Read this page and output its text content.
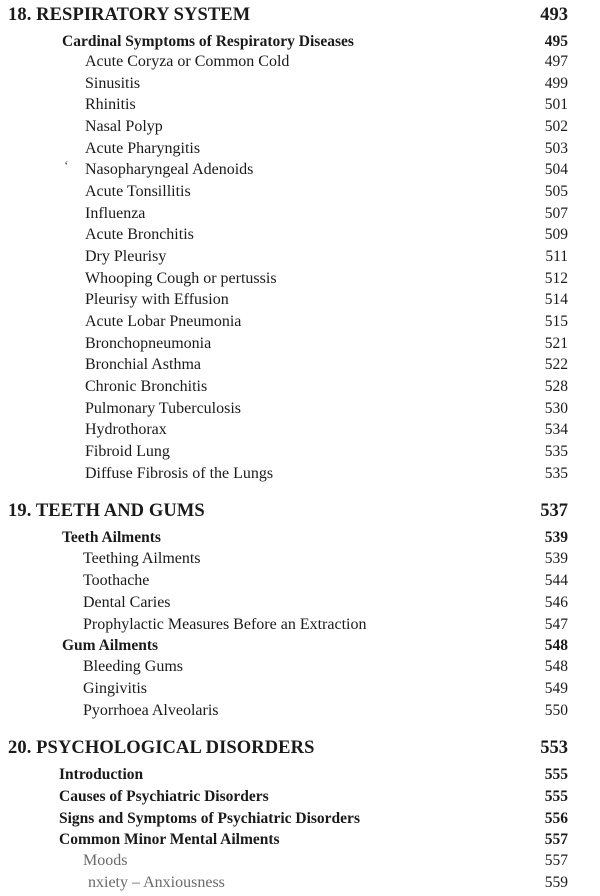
18. RESPIRATORY SYSTEM	493
Cardinal Symptoms of Respiratory Diseases	495
Acute Coryza or Common Cold	497
Sinusitis	499
Rhinitis	501
Nasal Polyp	502
Acute Pharyngitis	503
ʻ Nasopharyngeal Adenoids	504
Acute Tonsillitis	505
Influenza	507
Acute Bronchitis	509
Dry Pleurisy	511
Whooping Cough or pertussis	512
Pleurisy with Effusion	514
Acute Lobar Pneumonia	515
Bronchopneumonia	521
Bronchial Asthma	522
Chronic Bronchitis	528
Pulmonary Tuberculosis	530
Hydrothorax	534
Fibroid Lung	535
Diffuse Fibrosis of the Lungs	535
19. TEETH AND GUMS	537
Teeth Ailments	539
Teething Ailments	539
Toothache	544
Dental Caries	546
Prophylactic Measures Before an Extraction	547
Gum Ailments	548
Bleeding Gums	548
Gingivitis	549
Pyorrhoea Alveolaris	550
20. PSYCHOLOGICAL DISORDERS	553
Introduction	555
Causes of Psychiatric Disorders	555
Signs and Symptoms of Psychiatric Disorders	556
Common Minor Mental Ailments	557
Moods	557
nxiety – Anxiousness	559
